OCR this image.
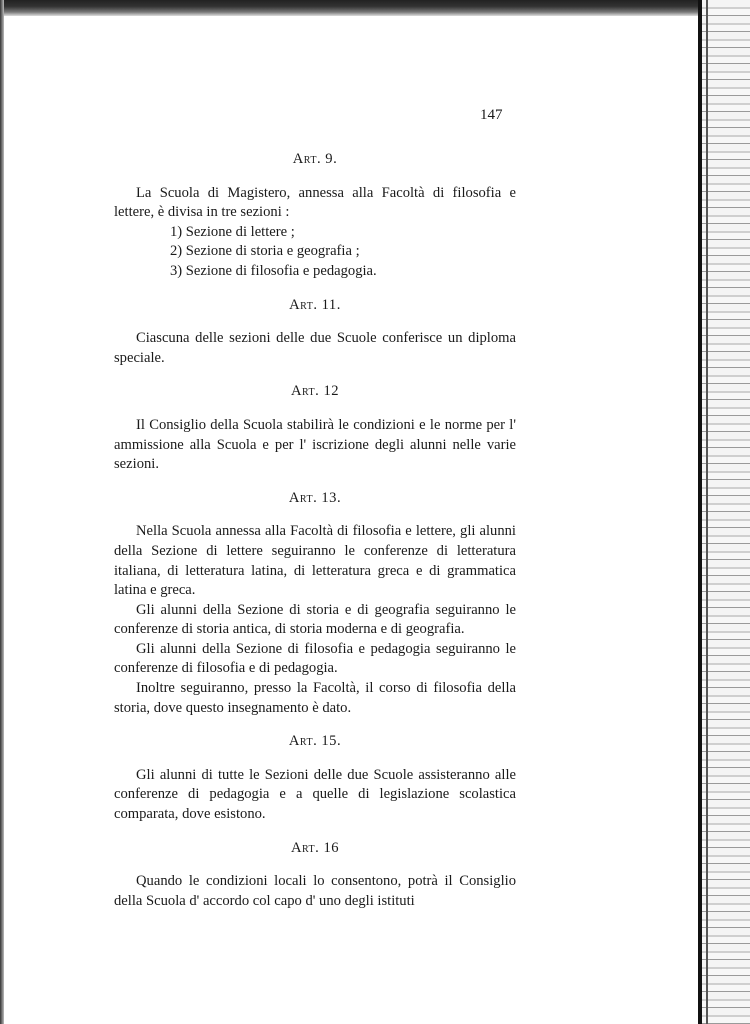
147
Art. 9.

La Scuola di Magistero, annessa alla Facoltà di filosofia e lettere, è divisa in tre sezioni :

1) Sezione di lettere ;
2) Sezione di storia e geografia ;
3) Sezione di filosofia e pedagogia.
Art. 11.

Ciascuna delle sezioni delle due Scuole conferisce un diploma speciale.

Art. 12

Il Consiglio della Scuola stabilirà le condizioni e le norme per l' ammissione alla Scuola e per l' iscrizione degli alunni nelle varie sezioni.

Art. 13.

Nella Scuola annessa alla Facoltà di filosofia e lettere, gli alunni della Sezione di lettere seguiranno le conferenze di letteratura italiana, di letteratura latina, di letteratura greca e di grammatica latina e greca.

Gli alunni della Sezione di storia e di geografia seguiranno le conferenze di storia antica, di storia moderna e di geografia.

Gli alunni della Sezione di filosofia e pedagogia seguiranno le conferenze di filosofia e di pedagogia.

Inoltre seguiranno, presso la Facoltà, il corso di filosofia della storia, dove questo insegnamento è dato.

Art. 15.

Gli alunni di tutte le Sezioni delle due Scuole assisteranno alle conferenze di pedagogia e a quelle di legislazione scolastica comparata, dove esistono.

Art. 16

Quando le condizioni locali lo consentono, potrà il Consiglio della Scuola d' accordo col capo d' uno degli istituti
